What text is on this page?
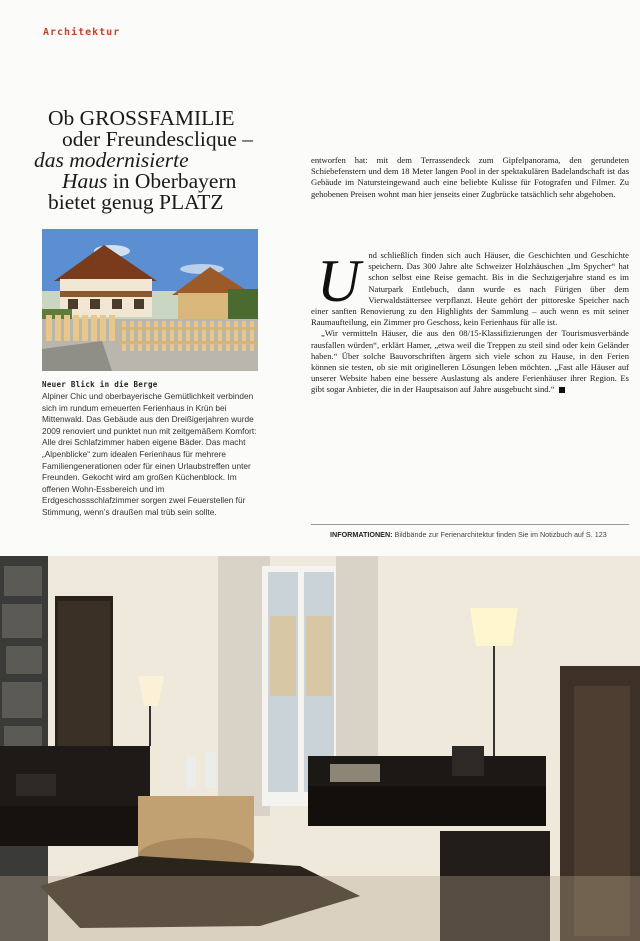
Architektur
Ob GROSSFAMILIE
oder Freundesclique –
das modernisierte
Haus in Oberbayern
bietet genug PLATZ
Neuer Blick in die Berge
Alpiner Chic und oberbayerische Gemütlichkeit verbinden sich im rundum erneuerten Ferienhaus in Krün bei Mittenwald. Das Gebäude aus den Dreißigerjahren wurde 2009 renoviert und punktet nun mit zeitgemäßem Komfort: Alle drei Schlafzimmer haben eigene Bäder. Das macht „Alpenblicke“ zum idealen Ferienhaus für mehrere Familiengenerationen oder für einen Urlaubstreffen unter Freunden. Gekocht wird am großen Küchenblock. Im offenen Wohn-Essbereich und im Erdgeschossschlafzimmer sorgen zwei Feuerstellen für Stimmung, wenn’s draußen mal trüb sein sollte.

entworfen hat: mit dem Terrassendeck zum Gipfelpanorama, den gerundeten Schiebefenstern und dem 18 Meter langen Pool in der spektakulären Badelandschaft ist das Gebäude im Natursteingewand auch eine beliebte Kulisse für Fotografen und Filmer. Zu gehobenen Preisen wohnt man hier jenseits einer Zugbrücke tatsächlich sehr abgehoben.

Und schließlich finden sich auch Häuser, die Geschichten und Geschichte speichern. Das 300 Jahre alte Schweizer Holzhäuschen „Im Spycher“ hat schon selbst eine Reise gemacht. Bis in die Sechzigerjahre stand es im Naturpark Entlebuch, dann wurde es nach Fürigen über dem Vierwaldstättersee verpflanzt. Heute gehört der pittoreske Speicher nach einer sanften Renovierung zu den Highlights der Sammlung – auch wenn es mit seiner Raumaufteilung, ein Zimmer pro Geschoss, kein Ferienhaus für alle ist.

„Wir vermitteln Häuser, die aus den 08/15-Klassifizierungen der Tourismusverbände rausfallen würden“, erklärt Hamer, „etwa weil die Treppen zu steil sind oder kein Geländer haben.“ Über solche Bauvorschriften ärgern sich viele schon zu Hause, in den Ferien können sie testen, ob sie mit originelleren Lösungen leben möchten. „Fast alle Häuser auf unserer Website haben eine bessere Auslastung als andere Ferienhäuser ihrer Region. Es gibt sogar Anbieter, die in der Hauptsaison auf Jahre ausgebucht sind.“

INFORMATIONEN: Bildbände zur Ferienarchitektur finden Sie im Notizbuch auf S. 123
